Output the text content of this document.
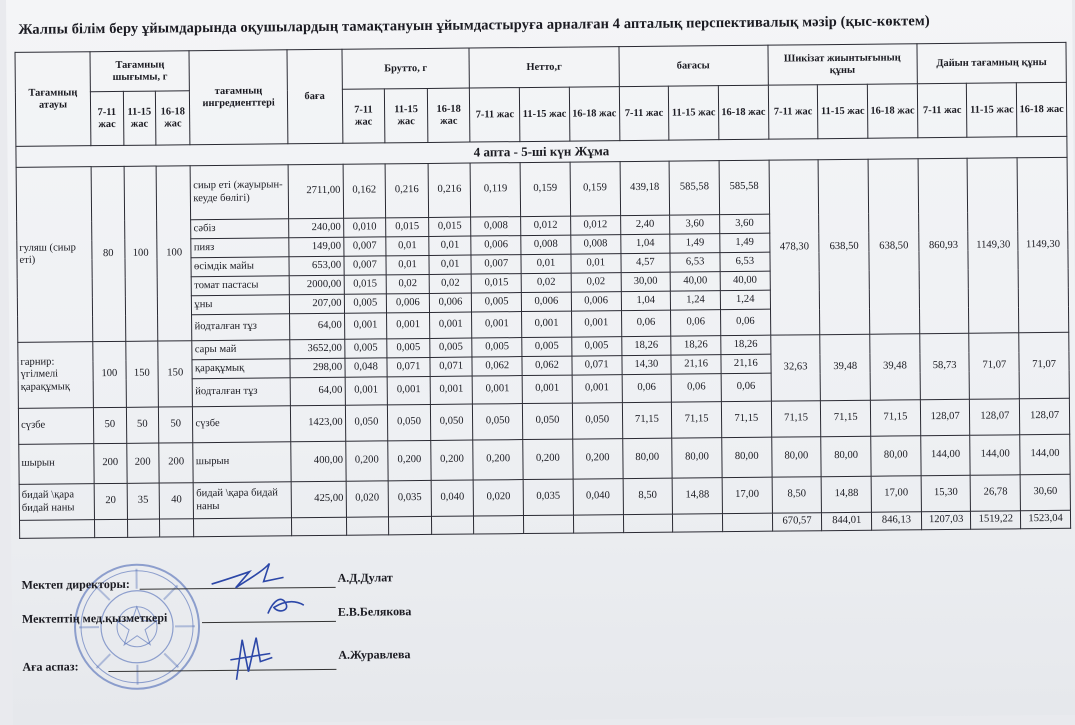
Жалпы білім беру ұйымдарында оқушылардың тамақтануын ұйымдастыруға арналған 4 апталық перспективалық мәзір (қыс-көктем)
Тағамның атауы	Тағамның шығымы, г			тағамның ингредиенттері	баға	Брутто, г			Нетто,г			бағасы			Шикізат жиынтығының құны			Дайын тағамның құны		
	7-11 жас	11-15 жас	16-18 жас			7-11 жас	11-15 жас	16-18 жас	7-11 жас	11-15 жас	16-18 жас	7-11 жас	11-15 жас	16-18 жас	7-11 жас	11-15 жас	16-18 жас	7-11 жас	11-15 жас	16-18 жас
4 апта - 5-ші күн Жұма																				
гуляш (сиыр еті)	80	100	100	сиыр еті (жауырын-кеуде бөлігі)	2711,00	0,162	0,216	0,216	0,119	0,159	0,159	439,18	585,58	585,58	478,30	638,50	638,50	860,93	1149,30	1149,30
				сәбіз	240,00	0,010	0,015	0,015	0,008	0,012	0,012	2,40	3,60	3,60						
				пияз	149,00	0,007	0,01	0,01	0,006	0,008	0,008	1,04	1,49	1,49						
				өсімдік майы	653,00	0,007	0,01	0,01	0,007	0,01	0,01	4,57	6,53	6,53						
				томат пастасы	2000,00	0,015	0,02	0,02	0,015	0,02	0,02	30,00	40,00	40,00						
				ұны	207,00	0,005	0,006	0,006	0,005	0,006	0,006	1,04	1,24	1,24						
				йодталған тұз	64,00	0,001	0,001	0,001	0,001	0,001	0,001	0,06	0,06	0,06						
гарнир: үгілмелі қарақұмық	100	150	150	сары май	3652,00	0,005	0,005	0,005	0,005	0,005	0,005	18,26	18,26	18,26	32,63	39,48	39,48	58,73	71,07	71,07
				қарақұмық	298,00	0,048	0,071	0,071	0,062	0,062	0,071	14,30	21,16	21,16						
				йодталған тұз	64,00	0,001	0,001	0,001	0,001	0,001	0,001	0,06	0,06	0,06						
сүзбе	50	50	50	сүзбе	1423,00	0,050	0,050	0,050	0,050	0,050	0,050	71,15	71,15	71,15	71,15	71,15	71,15	128,07	128,07	128,07
шырын	200	200	200	шырын	400,00	0,200	0,200	0,200	0,200	0,200	0,200	80,00	80,00	80,00	80,00	80,00	80,00	144,00	144,00	144,00
бидай \қара бидай наны	20	35	40	бидай \қара бидай наны	425,00	0,020	0,035	0,040	0,020	0,035	0,040	8,50	14,88	17,00	8,50	14,88	17,00	15,30	26,78	30,60
															670,57	844,01	846,13	1207,03	1519,22	1523,04
Мектеп директоры:	А.Д.Дулат
Мектептің мед.қызметкері	Е.В.Белякова
Аға аспаз:
А.Журавлева
